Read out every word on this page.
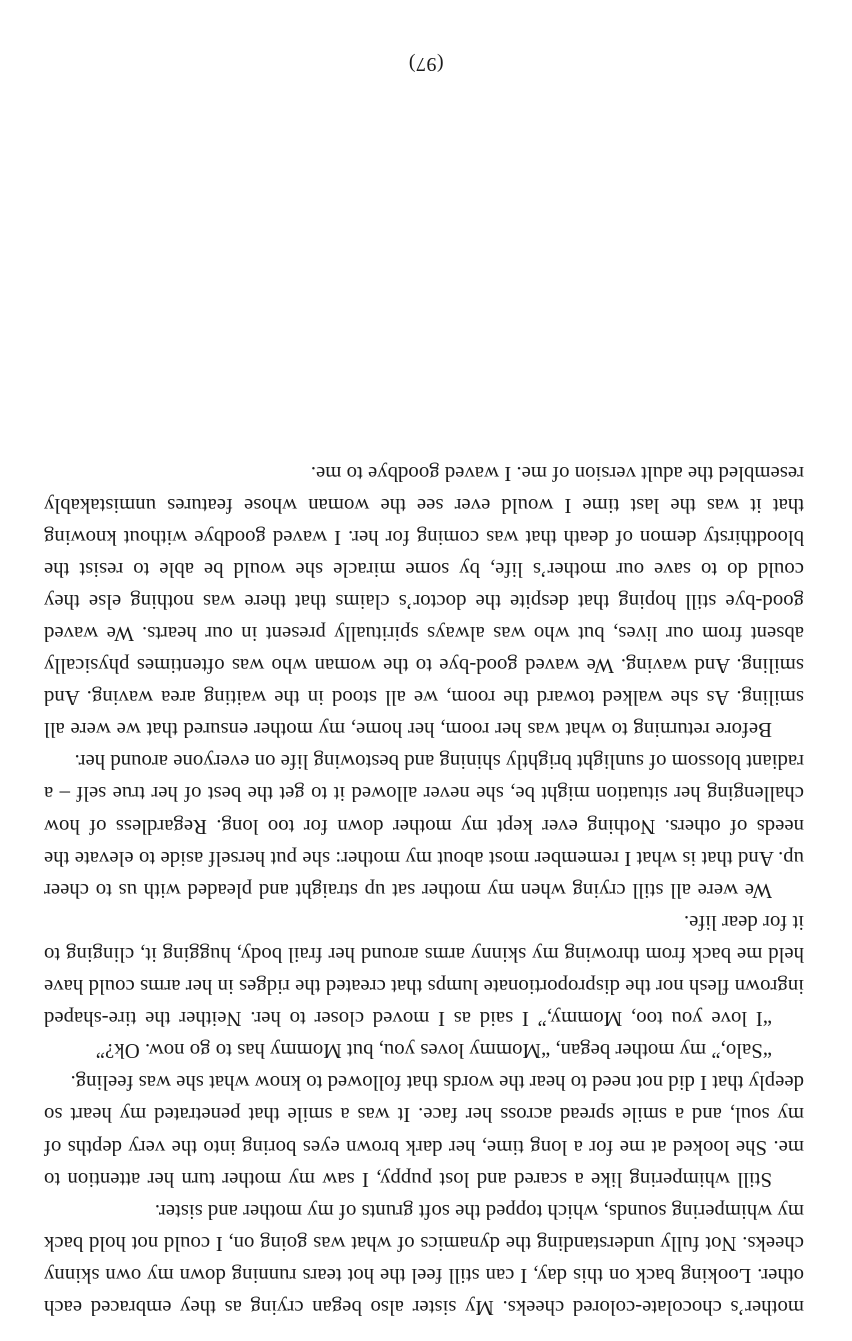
mother’s chocolate-colored cheeks. My sister also began crying as they embraced each other. Looking back on this day, I can still feel the hot tears running down my own skinny cheeks. Not fully understanding the dynamics of what was going on, I could not hold back my whimpering sounds, which topped the soft grunts of my mother and sister.

Still whimpering like a scared and lost puppy, I saw my mother turn her attention to me. She looked at me for a long time, her dark brown eyes boring into the very depths of my soul, and a smile spread across her face. It was a smile that penetrated my heart so deeply that I did not need to hear the words that followed to know what she was feeling.

“Salo,” my mother began, “Mommy loves you, but Mommy has to go now. Ok?”

“I love you too, Mommy,” I said as I moved closer to her. Neither the tire-shaped ingrown flesh nor the disproportionate lumps that created the ridges in her arms could have held me back from throwing my skinny arms around her frail body, hugging it, clinging to it for dear life.

We were all still crying when my mother sat up straight and pleaded with us to cheer up. And that is what I remember most about my mother: she put herself aside to elevate the needs of others. Nothing ever kept my mother down for too long. Regardless of how challenging her situation might be, she never allowed it to get the best of her true self – a radiant blossom of sunlight brightly shining and bestowing life on everyone around her.

Before returning to what was her room, her home, my mother ensured that we were all smiling. As she walked toward the room, we all stood in the waiting area waving. And smiling. And waving. We waved good-bye to the woman who was oftentimes physically absent from our lives, but who was always spiritually present in our hearts. We waved good-bye still hoping that despite the doctor’s claims that there was nothing else they could do to save our mother’s life, by some miracle she would be able to resist the bloodthirsty demon of death that was coming for her. I waved goodbye without knowing that it was the last time I would ever see the woman whose features unmistakably resembled the adult version of me. I waved goodbye to me.

(97)
